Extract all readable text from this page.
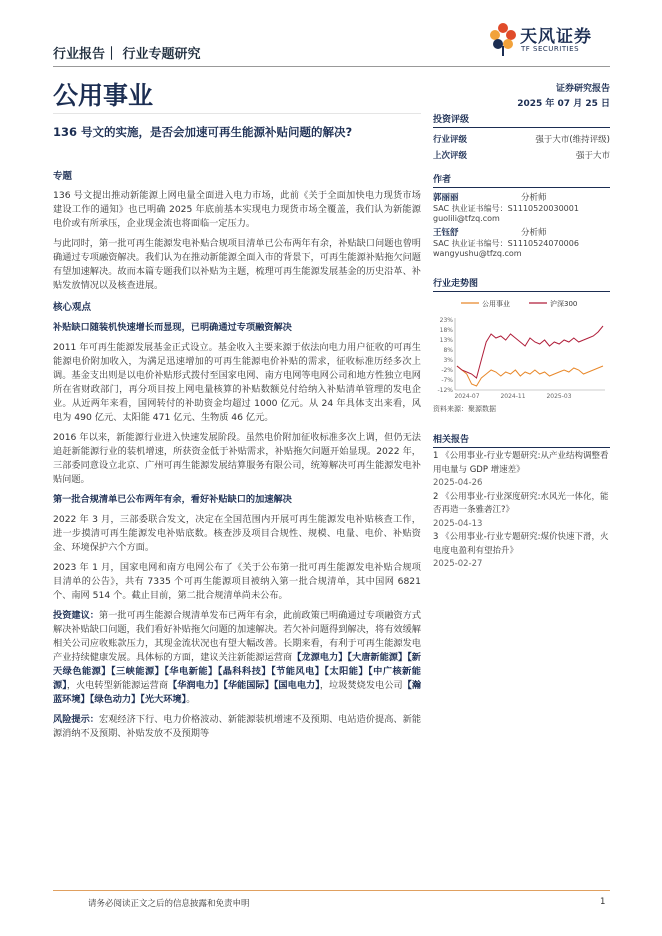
行业报告｜ 行业专题研究
天风证券
TF SECURITIES
公用事业	证券研究报告
2025 年 07 月 25 日
136 号文的实施，是否会加速可再生能源补贴问题的解决?
投资评级
行业评级	强于大市(维持评级)
上次评级	强于大市
作者
郭丽丽	分析师
SAC 执业证书编号：S1110520030001
guolili@tfzq.com
王钰舒	分析师
SAC 执业证书编号：S1110524070006
wangyushu@tfzq.com
行业走势图
公用事业	沪深300
23%
18%
13%
8%
3%
-2%
-7%
-12%
2024-07	2024-11	2025-03
资料来源：聚源数据
相关报告
1 《公用事业-行业专题研究:从产业结构调整看用电量与 GDP 增速差》
2025-04-26
2 《公用事业-行业深度研究:水风光一体化，能否再造一条雅砻江?》
2025-04-13
3 《公用事业-行业专题研究:煤价快速下滑，火电度电盈利有望抬升》
2025-02-27

专题

136 号文提出推动新能源上网电量全面进入电力市场，此前《关于全面加快电力现货市场建设工作的通知》也已明确 2025 年底前基本实现电力现货市场全覆盖，我们认为新能源电价或有所承压，企业现金流也将面临一定压力。

与此同时，第一批可再生能源发电补贴合规项目清单已公布两年有余，补贴缺口问题也曾明确通过专项融资解决。我们认为在推动新能源全面入市的背景下，可再生能源补贴拖欠问题有望加速解决。故而本篇专题我们以补贴为主题，梳理可再生能源发展基金的历史沿革、补贴发放情况以及核查进展。

核心观点

补贴缺口随装机快速增长而显现，已明确通过专项融资解决

2011 年可再生能源发展基金正式设立。基金收入主要来源于依法向电力用户征收的可再生能源电价附加收入，为满足迅速增加的可再生能源电价补贴的需求，征收标准历经多次上调。基金支出则是以电价补贴形式拨付至国家电网、南方电网等电网公司和地方性独立电网所在省财政部门，再分项目按上网电量核算的补贴数额兑付给纳入补贴清单管理的发电企业。从近两年来看，国网转付的补助资金均超过 1000 亿元。从 24 年具体支出来看，风电为 490 亿元、太阳能 471 亿元、生物质 46 亿元。

2016 年以来，新能源行业进入快速发展阶段。虽然电价附加征收标准多次上调，但仍无法追赶新能源行业的装机增速，所获资金低于补贴需求，补贴拖欠问题开始显现。2022 年，三部委同意设立北京、广州可再生能源发展结算服务有限公司，统筹解决可再生能源发电补贴问题。

第一批合规清单已公布两年有余，看好补贴缺口的加速解决

2022 年 3 月，三部委联合发文，决定在全国范围内开展可再生能源发电补贴核查工作，进一步摸清可再生能源发电补贴底数。核查涉及项目合规性、规模、电量、电价、补贴资金、环境保护六个方面。

2023 年 1 月，国家电网和南方电网公布了《关于公布第一批可再生能源发电补贴合规项目清单的公告》，共有 7335 个可再生能源项目被纳入第一批合规清单，其中国网 6821 个、南网 514 个。截止目前，第二批合规清单尚未公布。

投资建议：第一批可再生能源合规清单发布已两年有余，此前政策已明确通过专项融资方式解决补贴缺口问题，我们看好补贴拖欠问题的加速解决。若欠补问题得到解决，将有效缓解相关公司应收账款压力，其现金流状况也有望大幅改善。长期来看，有利于可再生能源发电产业持续健康发展。具体标的方面，建议关注新能源运营商【龙源电力】【大唐新能源】【新天绿色能源】【三峡能源】【华电新能】【晶科科技】【节能风电】【太阳能】【中广核新能源】，火电转型新能源运营商【华润电力】【华能国际】【国电电力】，垃圾焚烧发电公司【瀚蓝环境】【绿色动力】【光大环境】。

风险提示：宏观经济下行、电力价格波动、新能源装机增速不及预期、电站造价提高、新能源消纳不及预期、补贴发放不及预期等

请务必阅读正文之后的信息披露和免责申明	1
